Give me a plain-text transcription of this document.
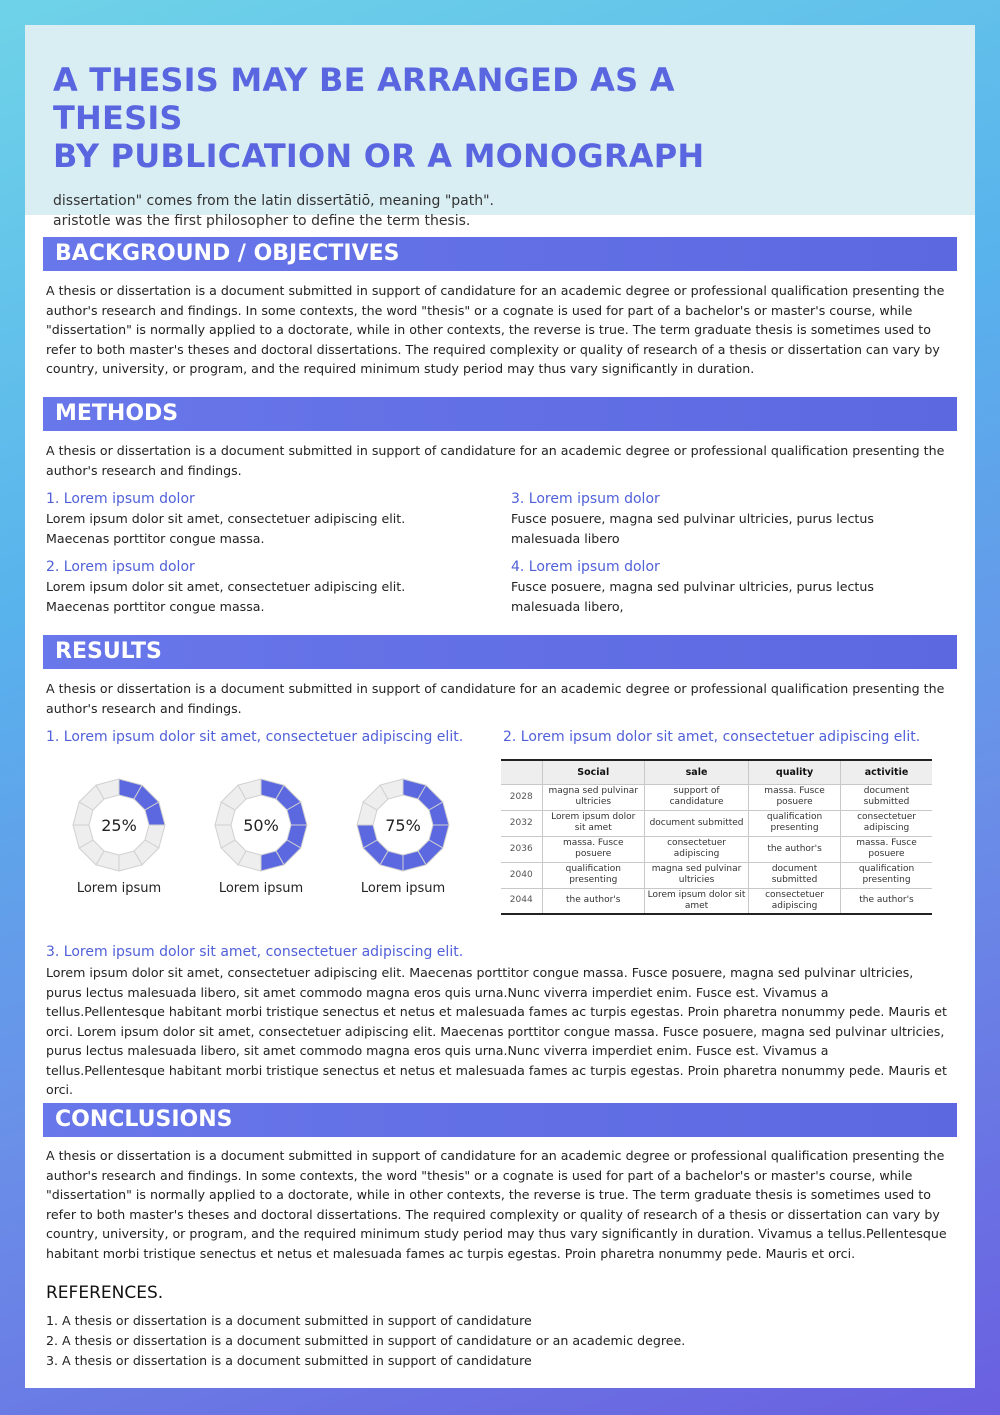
A THESIS MAY BE ARRANGED AS A THESIS
BY PUBLICATION OR A MONOGRAPH
dissertation" comes from the latin dissertātiō, meaning "path".
aristotle was the first philosopher to define the term thesis.
BACKGROUND / OBJECTIVES
A thesis or dissertation is a document submitted in support of candidature for an academic degree or professional qualification presenting the author's research and findings. In some contexts, the word "thesis" or a cognate is used for part of a bachelor's or master's course, while "dissertation" is normally applied to a doctorate, while in other contexts, the reverse is true. The term graduate thesis is sometimes used to refer to both master's theses and doctoral dissertations. The required complexity or quality of research of a thesis or dissertation can vary by country, university, or program, and the required minimum study period may thus vary significantly in duration.
METHODS
A thesis or dissertation is a document submitted in support of candidature for an academic degree or professional qualification presenting the author's research and findings.
1. Lorem ipsum dolor
Lorem ipsum dolor sit amet, consectetuer adipiscing elit. Maecenas porttitor congue massa.
2. Lorem ipsum dolor
Lorem ipsum dolor sit amet, consectetuer adipiscing elit. Maecenas porttitor congue massa.
3. Lorem ipsum dolor
Fusce posuere, magna sed pulvinar ultricies, purus lectus malesuada libero
4. Lorem ipsum dolor
Fusce posuere, magna sed pulvinar ultricies, purus lectus malesuada libero,
RESULTS
A thesis or dissertation is a document submitted in support of candidature for an academic degree or professional qualification presenting the author's research and findings.
1. Lorem ipsum dolor sit amet, consectetuer adipiscing elit.	2. Lorem ipsum dolor sit amet, consectetuer adipiscing elit.
25%
Lorem ipsum
50%
Lorem ipsum
75%
Lorem ipsum
	Social	sale	quality	activitie
2028	magna sed pulvinar ultricies	support of candidature	massa. Fusce posuere	document submitted
2032	Lorem ipsum dolor sit amet	document submitted	qualification presenting	consectetuer adipiscing
2036	massa. Fusce posuere	consectetuer adipiscing	the author's	massa. Fusce posuere
2040	qualification presenting	magna sed pulvinar ultricies	document submitted	qualification presenting
2044	the author's	Lorem ipsum dolor sit amet	consectetuer adipiscing	the author's
3. Lorem ipsum dolor sit amet, consectetuer adipiscing elit.
Lorem ipsum dolor sit amet, consectetuer adipiscing elit. Maecenas porttitor congue massa. Fusce posuere, magna sed pulvinar ultricies, purus lectus malesuada libero, sit amet commodo magna eros quis urna.Nunc viverra imperdiet enim. Fusce est. Vivamus a tellus.Pellentesque habitant morbi tristique senectus et netus et malesuada fames ac turpis egestas. Proin pharetra nonummy pede. Mauris et orci. Lorem ipsum dolor sit amet, consectetuer adipiscing elit. Maecenas porttitor congue massa. Fusce posuere, magna sed pulvinar ultricies, purus lectus malesuada libero, sit amet commodo magna eros quis urna.Nunc viverra imperdiet enim. Fusce est. Vivamus a tellus.Pellentesque habitant morbi tristique senectus et netus et malesuada fames ac turpis egestas. Proin pharetra nonummy pede. Mauris et orci.
CONCLUSIONS
A thesis or dissertation is a document submitted in support of candidature for an academic degree or professional qualification presenting the author's research and findings. In some contexts, the word "thesis" or a cognate is used for part of a bachelor's or master's course, while "dissertation" is normally applied to a doctorate, while in other contexts, the reverse is true. The term graduate thesis is sometimes used to refer to both master's theses and doctoral dissertations. The required complexity or quality of research of a thesis or dissertation can vary by country, university, or program, and the required minimum study period may thus vary significantly in duration. Vivamus a tellus.Pellentesque habitant morbi tristique senectus et netus et malesuada fames ac turpis egestas. Proin pharetra nonummy pede. Mauris et orci.
REFERENCES.
1. A thesis or dissertation is a document submitted in support of candidature
2. A thesis or dissertation is a document submitted in support of candidature or an academic degree.
3. A thesis or dissertation is a document submitted in support of candidature
